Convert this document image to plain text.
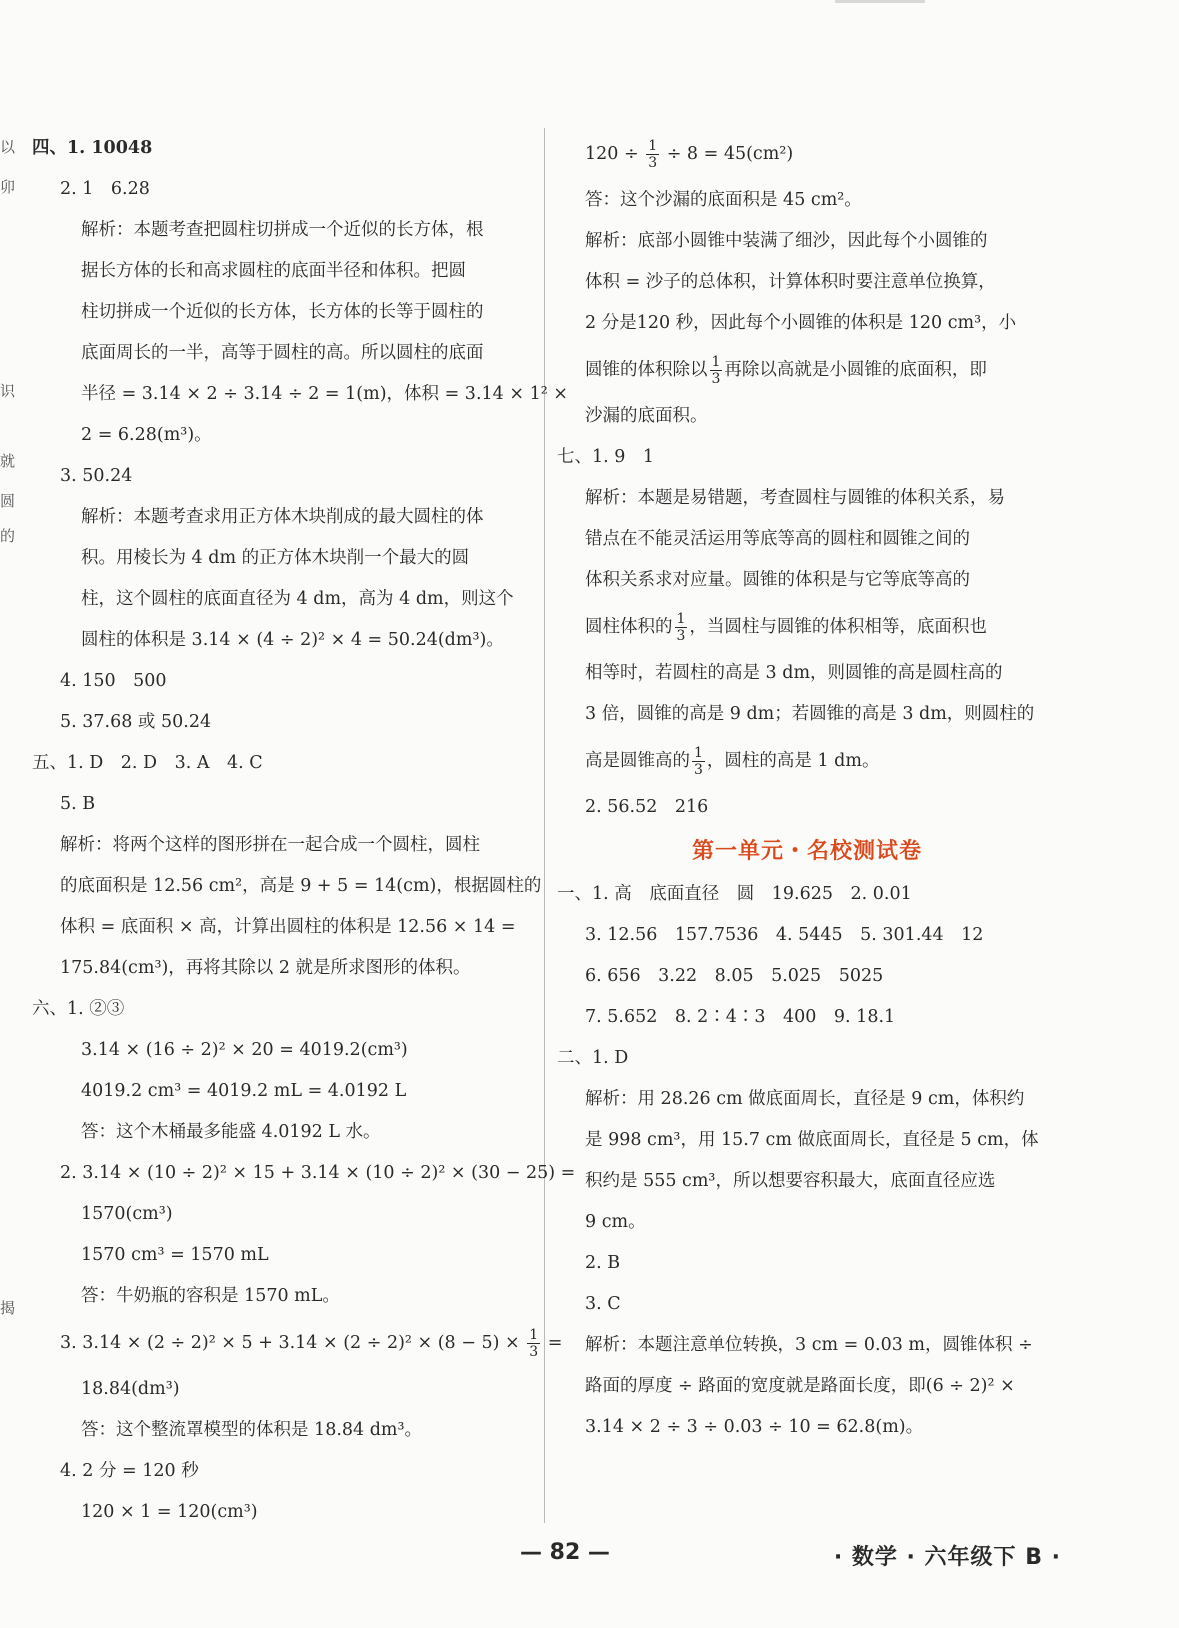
以
卯
识
就
圆
的
揭
四、1. 10048
2. 1　6.28
解析：本题考查把圆柱切拼成一个近似的长方体，根
据长方体的长和高求圆柱的底面半径和体积。把圆
柱切拼成一个近似的长方体，长方体的长等于圆柱的
底面周长的一半，高等于圆柱的高。所以圆柱的底面
半径 = 3.14 × 2 ÷ 3.14 ÷ 2 = 1(m)，体积 = 3.14 × 1² ×
2 = 6.28(m³)。
3. 50.24
解析：本题考查求用正方体木块削成的最大圆柱的体
积。用棱长为 4 dm 的正方体木块削一个最大的圆
柱，这个圆柱的底面直径为 4 dm，高为 4 dm，则这个
圆柱的体积是 3.14 × (4 ÷ 2)² × 4 = 50.24(dm³)。
4. 150　500
5. 37.68 或 50.24
五、1. D　2. D　3. A　4. C
5. B
解析：将两个这样的图形拼在一起合成一个圆柱，圆柱
的底面积是 12.56 cm²，高是 9 + 5 = 14(cm)，根据圆柱的
体积 = 底面积 × 高，计算出圆柱的体积是 12.56 × 14 =
175.84(cm³)，再将其除以 2 就是所求图形的体积。
六、1. ②③
3.14 × (16 ÷ 2)² × 20 = 4019.2(cm³)
4019.2 cm³ = 4019.2 mL = 4.0192 L
答：这个木桶最多能盛 4.0192 L 水。
2. 3.14 × (10 ÷ 2)² × 15 + 3.14 × (10 ÷ 2)² × (30 − 25) =
1570(cm³)
1570 cm³ = 1570 mL
答：牛奶瓶的容积是 1570 mL。
3. $3.14 \times (2 \div 2)^2 \times 5 + 3.14 \times (2 \div 2)^2 \times (8 - 5) \times \frac{1}{3}$ =
18.84(dm³)
答：这个整流罩模型的体积是 18.84 dm³。
4. 2 分 = 120 秒
120 × 1 = 120(cm³)
$120 \div \frac{1}{3} \div 8 = 45(cm^2)$
答：这个沙漏的底面积是 45 cm²。
解析：底部小圆锥中装满了细沙，因此每个小圆锥的
体积 = 沙子的总体积，计算体积时要注意单位换算，
2 分是120 秒，因此每个小圆锥的体积是 120 cm³，小
圆锥的体积除以 $\frac{1}{3}$ 再除以高就是小圆锥的底面积，即
沙漏的底面积。
七、1. 9　1
解析：本题是易错题，考查圆柱与圆锥的体积关系，易
错点在不能灵活运用等底等高的圆柱和圆锥之间的
体积关系求对应量。圆锥的体积是与它等底等高的
圆柱体积的 $\frac{1}{3}$ ，当圆柱与圆锥的体积相等，底面积也
相等时，若圆柱的高是 3 dm，则圆锥的高是圆柱高的
3 倍，圆锥的高是 9 dm；若圆锥的高是 3 dm，则圆柱的
高是圆锥高的 $\frac{1}{3}$ ，圆柱的高是 1 dm。
2. 56.52　216
第一单元・名校测试卷
一、1. 高　底面直径　圆　19.625　2. 0.01
3. 12.56　157.7536　4. 5445　5. 301.44　12
6. 656　3.22　8.05　5.025　5025
7. 5.652　8. 2∶4∶3　400　9. 18.1
二、1. D
解析：用 28.26 cm 做底面周长，直径是 9 cm，体积约
是 998 cm³，用 15.7 cm 做底面周长，直径是 5 cm，体
积约是 555 cm³，所以想要容积最大，底面直径应选
9 cm。
2. B
3. C
解析：本题注意单位转换，3 cm = 0.03 m，圆锥体积 ÷
路面的厚度 ÷ 路面的宽度就是路面长度，即(6 ÷ 2)² ×
3.14 × 2 ÷ 3 ÷ 0.03 ÷ 10 = 62.8(m)。
— 82 —	· 数学 · 六年级下 B ·
